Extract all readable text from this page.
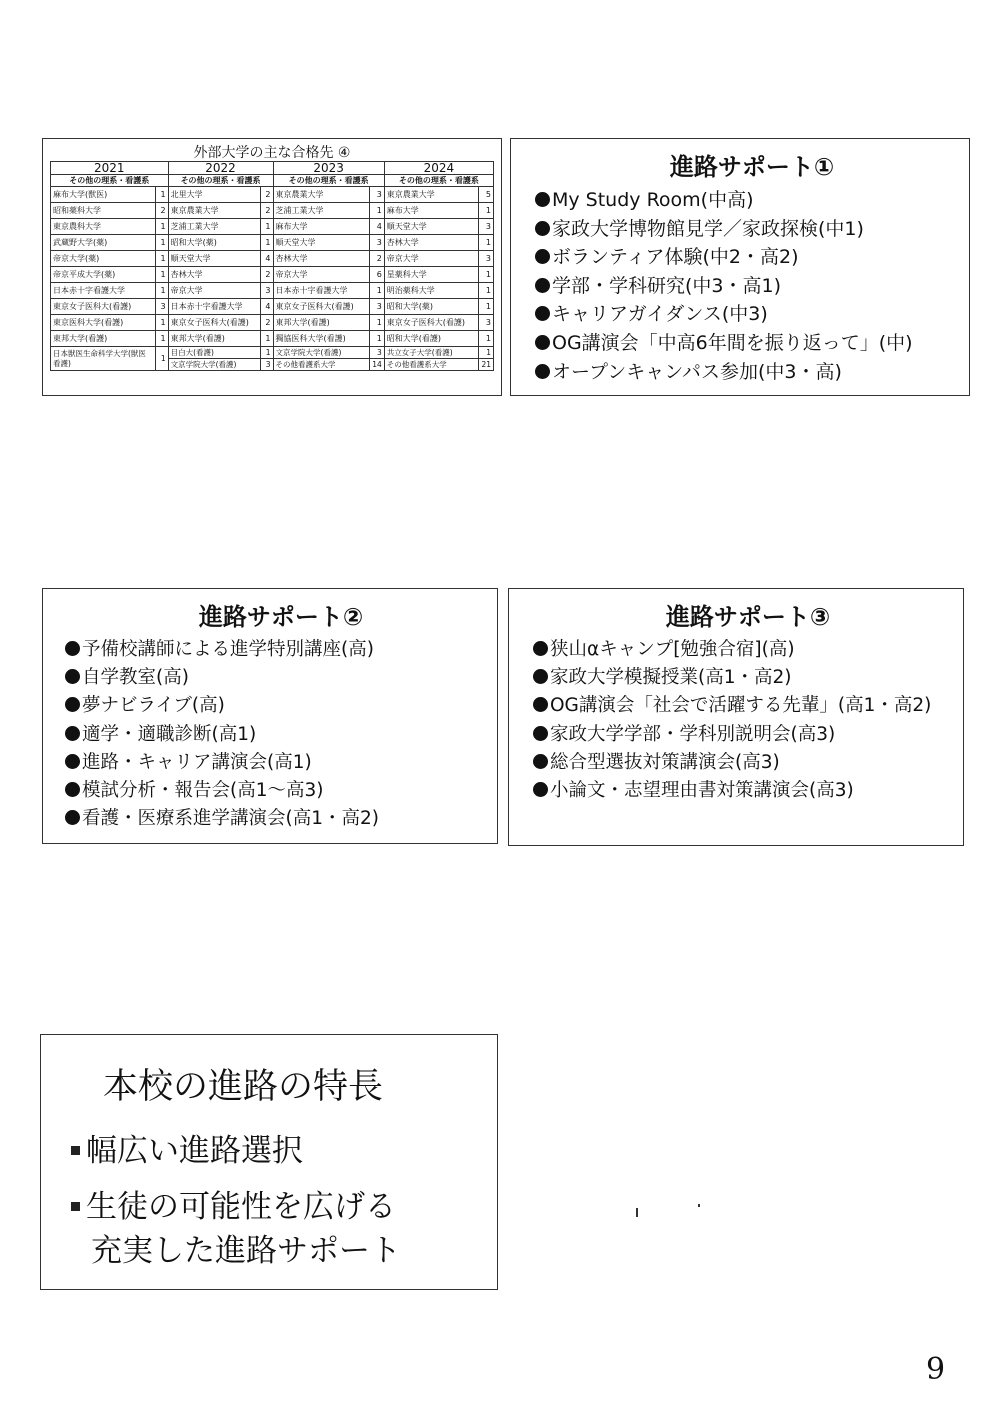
外部大学の主な合格先 ④
2021		2022		2023		2024	
その他の理系・看護系		その他の理系・看護系		その他の理系・看護系		その他の理系・看護系	
麻布大学(獣医)	1	北里大学	2	東京農業大学	3	東京農業大学	5
昭和薬科大学	2	東京農業大学	2	芝浦工業大学	1	麻布大学	1
東京農科大学	1	芝浦工業大学	1	麻布大学	4	順天堂大学	3
武蔵野大学(薬)	1	昭和大学(薬)	1	順天堂大学	3	杏林大学	1
帝京大学(薬)	1	順天堂大学	4	杏林大学	2	帝京大学	3
帝京平成大学(薬)	1	杏林大学	2	帝京大学	6	星薬科大学	1
日本赤十字看護大学	1	帝京大学	3	日本赤十字看護大学	1	明治薬科大学	1
東京女子医科大(看護)	3	日本赤十字看護大学	4	東京女子医科大(看護)	3	昭和大学(薬)	1
東京医科大学(看護)	1	東京女子医科大(看護)	2	東邦大学(看護)	1	東京女子医科大(看護)	3
東邦大学(看護)	1	東邦大学(看護)	1	獨協医科大学(看護)	1	昭和大学(看護)	1
日本獣医生命科学大学(獣医看護)	1	目白大(看護)	1	文京学院大学(看護)	3	共立女子大学(看護)	1
		文京学院大学(看護)	3	その他看護系大学	14	その他看護系大学	21
進路サポート①
My Study Room(中高)
家政大学博物館見学／家政探検(中1)
ボランティア体験(中2・高2)
学部・学科研究(中3・高1)
キャリアガイダンス(中3)
OG講演会「中高6年間を振り返って」(中)
オープンキャンパス参加(中3・高)
進路サポート②
予備校講師による進学特別講座(高)
自学教室(高)
夢ナビライブ(高)
適学・適職診断(高1)
進路・キャリア講演会(高1)
模試分析・報告会(高1～高3)
看護・医療系進学講演会(高1・高2)
進路サポート③
狭山αキャンプ[勉強合宿](高)
家政大学模擬授業(高1・高2)
OG講演会「社会で活躍する先輩」(高1・高2)
家政大学学部・学科別説明会(高3)
総合型選抜対策講演会(高3)
小論文・志望理由書対策講演会(高3)
本校の進路の特長
幅広い進路選択
生徒の可能性を広げる
充実した進路サポート
9
